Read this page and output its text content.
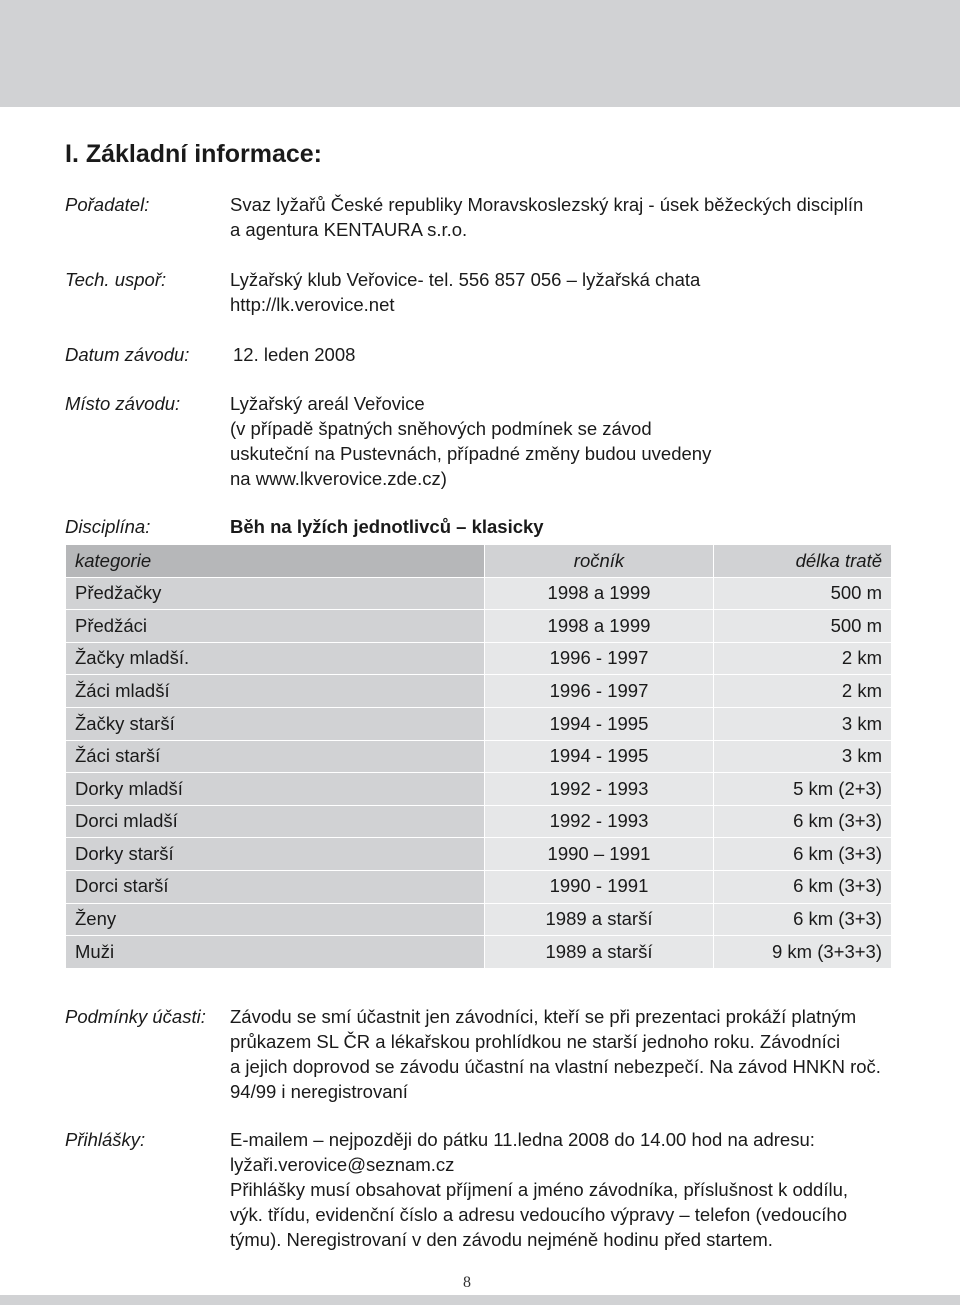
I. Základní informace:
Pořadatel:	Svaz lyžařů České republiky Moravskoslezský kraj - úsek běžeckých disciplín
a agentura KENTAURA s.r.o.
Tech. uspoř:	Lyžařský klub Veřovice- tel. 556 857 056 – lyžařská chata
http://lk.verovice.net
Datum závodu: 12. leden 2008
Místo závodu:	Lyžařský areál Veřovice
(v případě špatných sněhových podmínek se závod
uskuteční na Pustevnách, případné změny budou uvedeny
na www.lkverovice.zde.cz)
Disciplína:	Běh na lyžích jednotlivců – klasicky
kategorie	ročník	délka tratě
Předžačky	1998 a 1999	500 m
Předžáci	1998 a 1999	500 m
Žačky mladší.	1996 - 1997	2 km
Žáci mladší	1996 - 1997	2 km
Žačky starší	1994 - 1995	3 km
Žáci starší	1994 - 1995	3 km
Dorky mladší	1992 - 1993	5 km (2+3)
Dorci mladší	1992 - 1993	6 km (3+3)
Dorky starší	1990 – 1991	6 km (3+3)
Dorci starší	1990 - 1991	6 km (3+3)
Ženy	1989 a starší	6 km (3+3)
Muži	1989 a starší	9 km (3+3+3)
Podmínky účasti: Závodu se smí účastnit jen závodníci, kteří se při prezentaci prokáží platným
průkazem SL ČR a lékařskou prohlídkou ne starší jednoho roku. Závodníci
a jejich doprovod se závodu účastní na vlastní nebezpečí. Na závod HNKN roč.
94/99 i neregistrovaní
Přihlášky:	E-mailem – nejpozději do pátku 11.ledna 2008 do 14.00 hod na adresu:
lyžaři.verovice@seznam.cz
Přihlášky musí obsahovat příjmení a jméno závodníka, příslušnost k oddílu,
výk. třídu, evidenční číslo a adresu vedoucího výpravy – telefon (vedoucího
týmu). Neregistrovaní v den závodu nejméně hodinu před startem.
8
